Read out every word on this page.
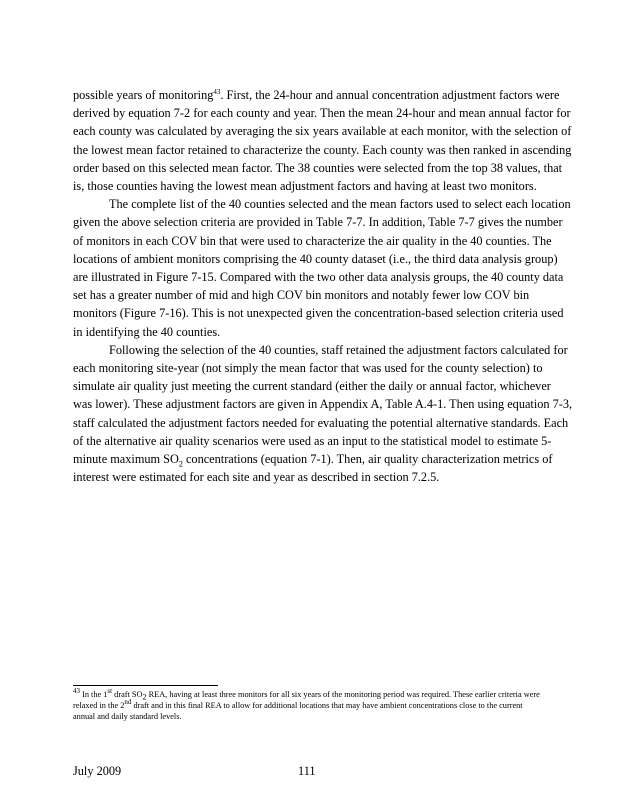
possible years of monitoring$^{43}$. First, the 24-hour and annual concentration adjustment factors were derived by equation 7-2 for each county and year. Then the mean 24-hour and mean annual factor for each county was calculated by averaging the six years available at each monitor, with the selection of the lowest mean factor retained to characterize the county. Each county was then ranked in ascending order based on this selected mean factor. The 38 counties were selected from the top 38 values, that is, those counties having the lowest mean adjustment factors and having at least two monitors.

The complete list of the 40 counties selected and the mean factors used to select each location given the above selection criteria are provided in Table 7-7. In addition, Table 7-7 gives the number of monitors in each COV bin that were used to characterize the air quality in the 40 counties. The locations of ambient monitors comprising the 40 county dataset (i.e., the third data analysis group) are illustrated in Figure 7-15. Compared with the two other data analysis groups, the 40 county data set has a greater number of mid and high COV bin monitors and notably fewer low COV bin monitors (Figure 7-16). This is not unexpected given the concentration-based selection criteria used in identifying the 40 counties.

Following the selection of the 40 counties, staff retained the adjustment factors calculated for each monitoring site-year (not simply the mean factor that was used for the county selection) to simulate air quality just meeting the current standard (either the daily or annual factor, whichever was lower). These adjustment factors are given in Appendix A, Table A.4-1. Then using equation 7-3, staff calculated the adjustment factors needed for evaluating the potential alternative standards. Each of the alternative air quality scenarios were used as an input to the statistical model to estimate 5-minute maximum $SO_2$ concentrations (equation 7-1). Then, air quality characterization metrics of interest were estimated for each site and year as described in section 7.2.5.

$^{43}$ In the 1st draft $SO_2$ REA, having at least three monitors for all six years of the monitoring period was required. These earlier criteria were relaxed in the 2nd draft and in this final REA to allow for additional locations that may have ambient concentrations close to the current annual and daily standard levels.
July 2009	111
